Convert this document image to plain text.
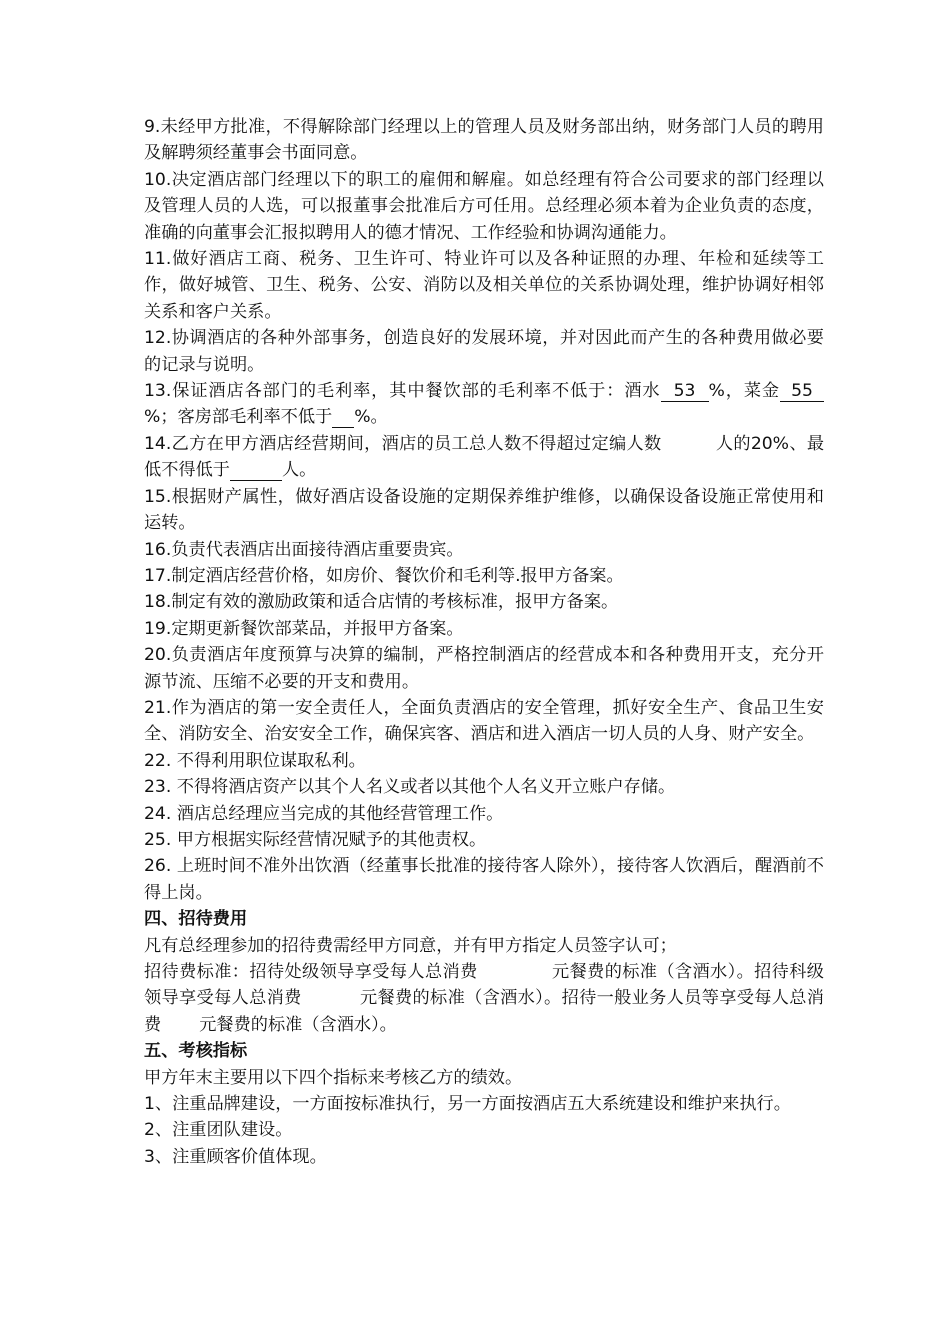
9.未经甲方批准，不得解除部门经理以上的管理人员及财务部出纳，财务部门人员的聘用及解聘须经董事会书面同意。

10.决定酒店部门经理以下的职工的雇佣和解雇。如总经理有符合公司要求的部门经理以及管理人员的人选，可以报董事会批准后方可任用。总经理必须本着为企业负责的态度，准确的向董事会汇报拟聘用人的德才情况、工作经验和协调沟通能力。

11.做好酒店工商、税务、卫生许可、特业许可以及各种证照的办理、年检和延续等工作，做好城管、卫生、税务、公安、消防以及相关单位的关系协调处理，维护协调好相邻关系和客户关系。

12.协调酒店的各种外部事务，创造良好的发展环境，并对因此而产生的各种费用做必要的记录与说明。

13.保证酒店各部门的毛利率，其中餐饮部的毛利率不低于：酒水 53 %，菜金 55%；客房部毛利率不低于 %。

14.乙方在甲方酒店经营期间，酒店的员工总人数不得超过定编人数	人的20%、最低不得低于	人。

15.根据财产属性，做好酒店设备设施的定期保养维护维修，以确保设备设施正常使用和运转。

16.负责代表酒店出面接待酒店重要贵宾。

17.制定酒店经营价格，如房价、餐饮价和毛利等.报甲方备案。

18.制定有效的激励政策和适合店情的考核标准，报甲方备案。

19.定期更新餐饮部菜品，并报甲方备案。

20.负责酒店年度预算与决算的编制，严格控制酒店的经营成本和各种费用开支，充分开源节流、压缩不必要的开支和费用。

21.作为酒店的第一安全责任人，全面负责酒店的安全管理，抓好安全生产、食品卫生安全、消防安全、治安安全工作，确保宾客、酒店和进入酒店一切人员的人身、财产安全。

22. 不得利用职位谋取私利。

23. 不得将酒店资产以其个人名义或者以其他个人名义开立账户存储。

24. 酒店总经理应当完成的其他经营管理工作。

25. 甲方根据实际经营情况赋予的其他责权。

26. 上班时间不准外出饮酒（经董事长批准的接待客人除外），接待客人饮酒后，醒酒前不得上岗。

四、招待费用

凡有总经理参加的招待费需经甲方同意，并有甲方指定人员签字认可；

招待费标准：招待处级领导享受每人总消费	元餐费的标准（含酒水）。招待科级领导享受每人总消费	元餐费的标准（含酒水）。招待一般业务人员等享受每人总消费 元餐费的标准（含酒水）。

五、考核指标

甲方年末主要用以下四个指标来考核乙方的绩效。

1、注重品牌建设，一方面按标准执行，另一方面按酒店五大系统建设和维护来执行。

2、注重团队建设。

3、注重顾客价值体现。
